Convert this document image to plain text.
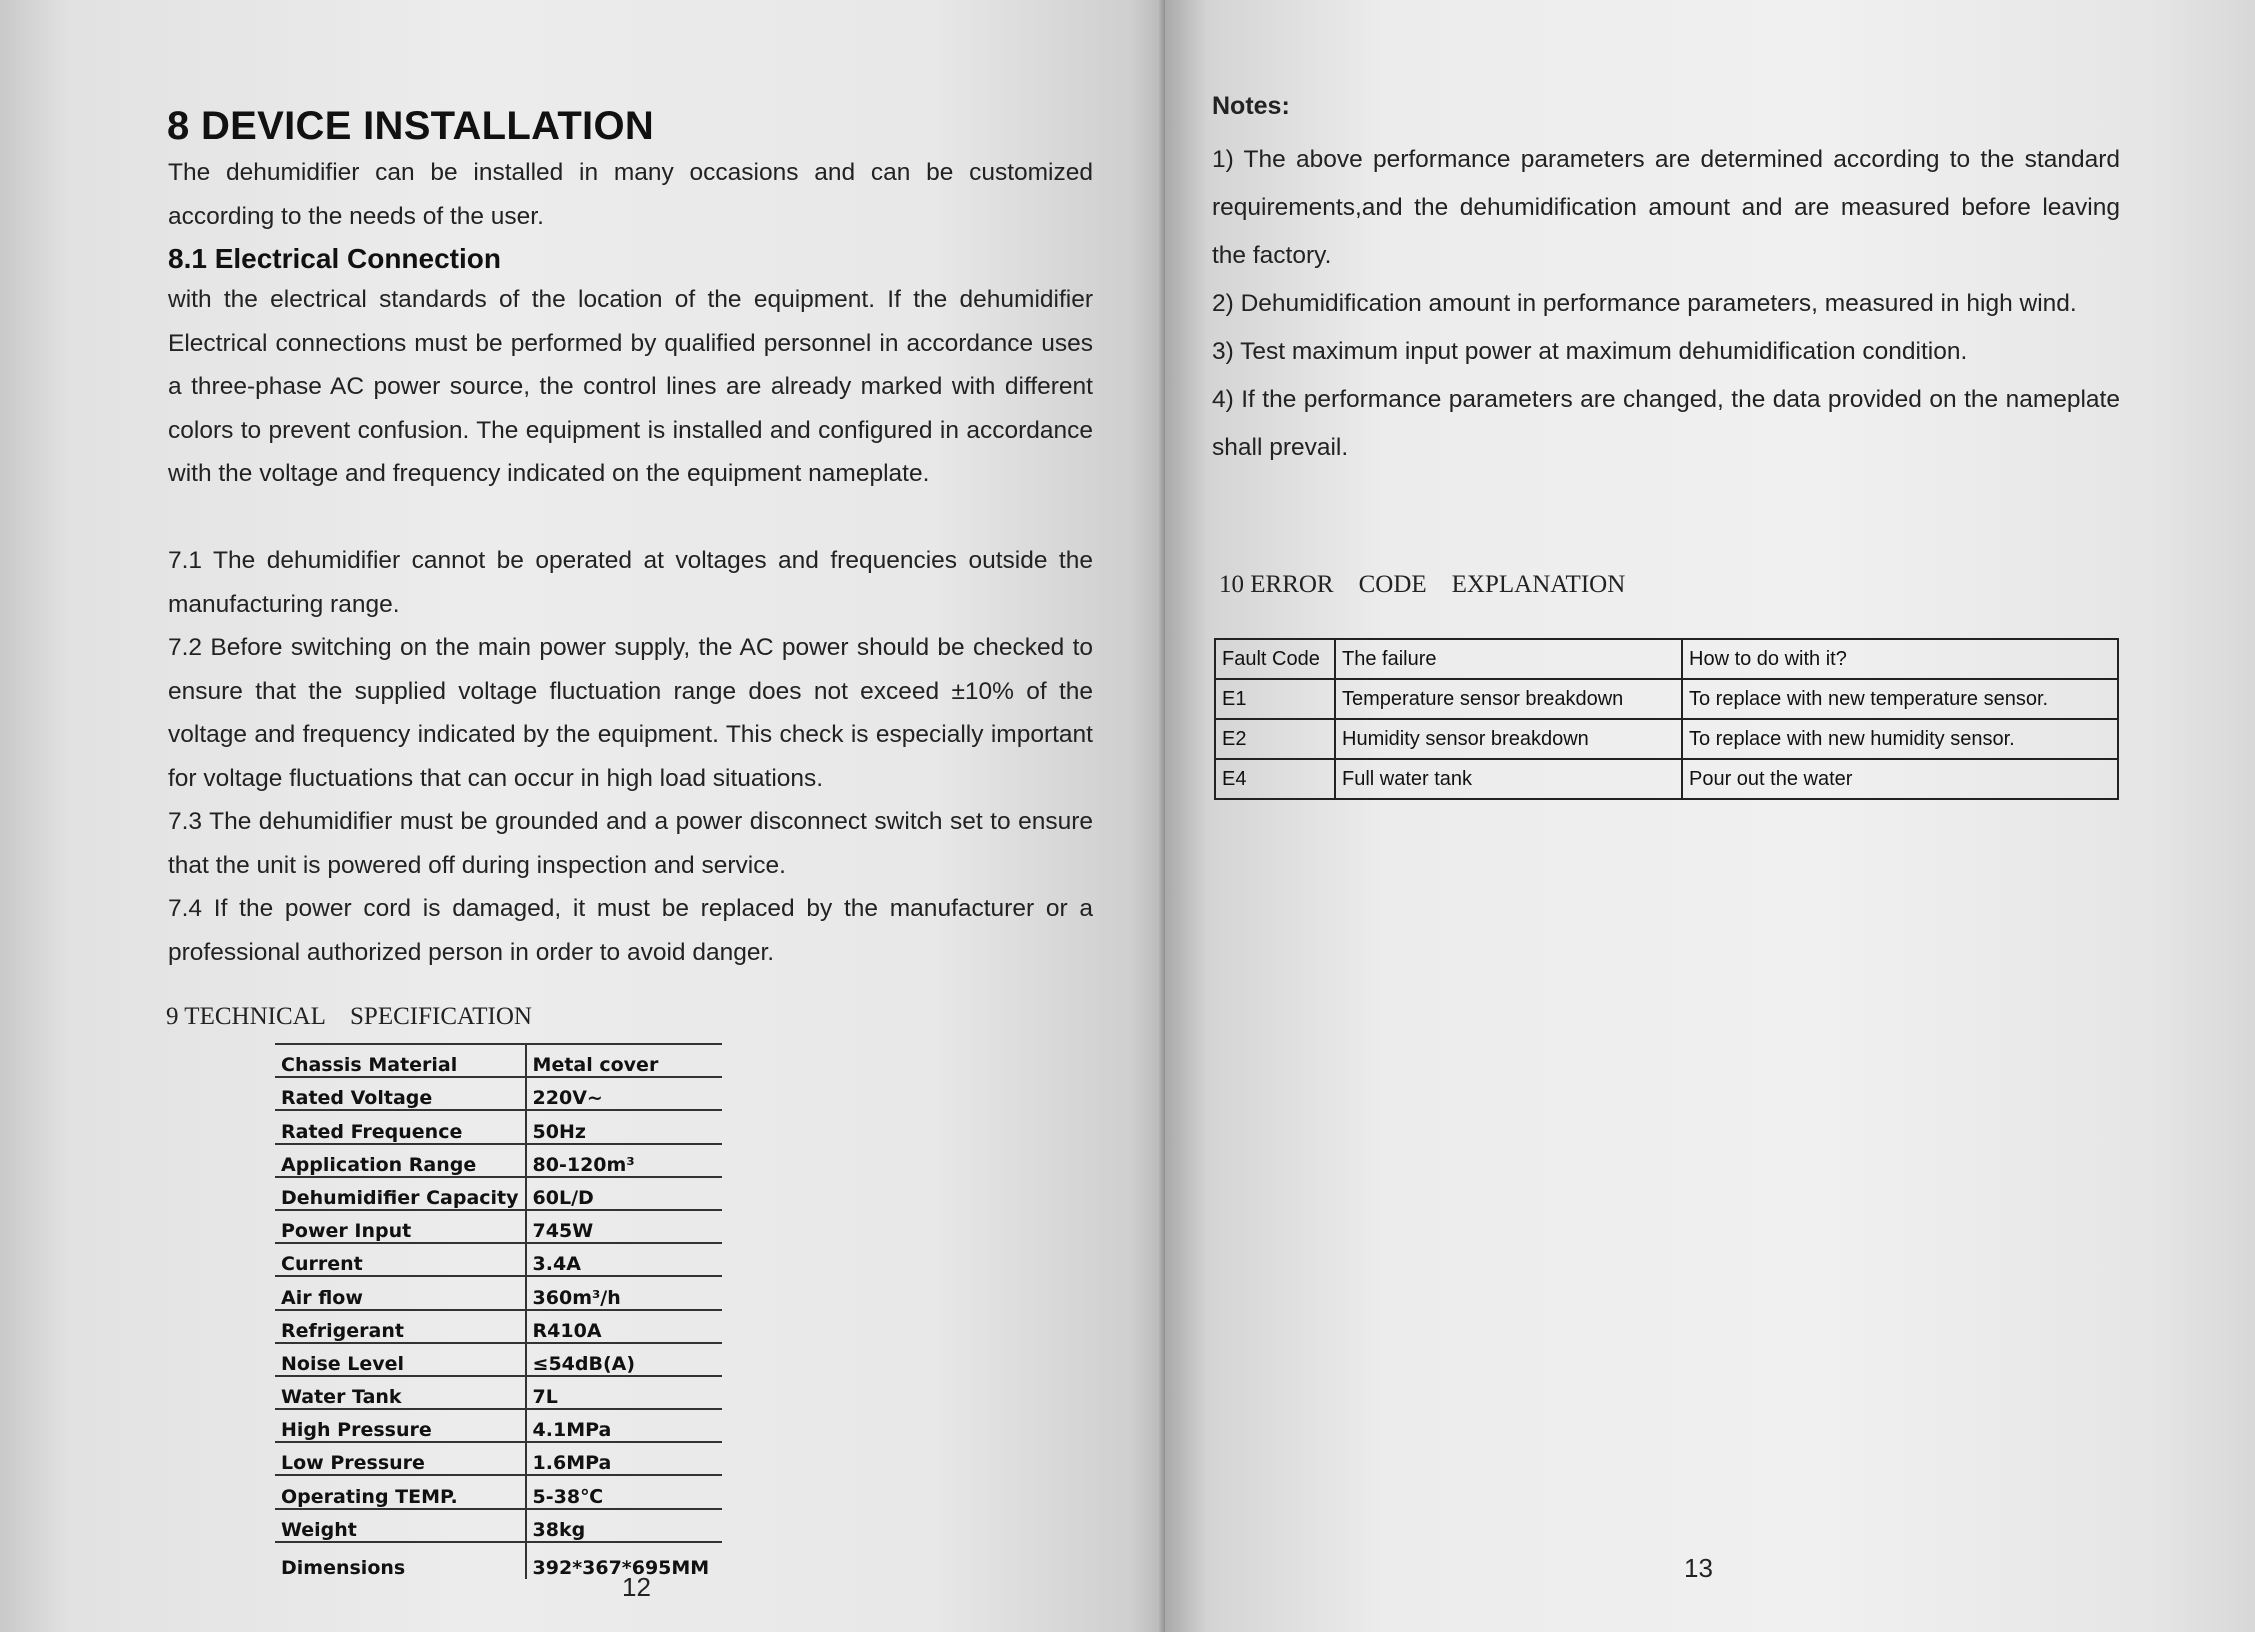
8 DEVICE INSTALLATION
The dehumidifier can be installed in many occasions and can be customized according to the needs of the user.
8.1 Electrical Connection
with the electrical standards of the location of the equipment. If the dehumidifier Electrical connections must be performed by qualified personnel in accordance uses a three-phase AC power source, the control lines are already marked with different colors to prevent confusion. The equipment is installed and configured in accordance with the voltage and frequency indicated on the equipment nameplate.
7.1 The dehumidifier cannot be operated at voltages and frequencies outside the manufacturing range.
7.2 Before switching on the main power supply, the AC power should be checked to ensure that the supplied voltage fluctuation range does not exceed ±10% of the voltage and frequency indicated by the equipment. This check is especially important for voltage fluctuations that can occur in high load situations.
7.3 The dehumidifier must be grounded and a power disconnect switch set to ensure that the unit is powered off during inspection and service.
7.4 If the power cord is damaged, it must be replaced by the manufacturer or a professional authorized person in order to avoid danger.
9 TECHNICAL    SPECIFICATION
Chassis Material	Metal cover
Rated Voltage	220V~
Rated Frequence	50Hz
Application Range	80-120m³
Dehumidifier Capacity	60L/D
Power Input	745W
Current	3.4A
Air flow	360m³/h
Refrigerant	R410A
Noise Level	≤54dB(A)
Water Tank	7L
High Pressure	4.1MPa
Low Pressure	1.6MPa
Operating TEMP.	5-38℃
Weight	38kg
Dimensions	392*367*695MM
12
Notes:

1) The above performance parameters are determined according to the standard requirements,and the dehumidification amount and are measured before leaving the factory.

2) Dehumidification amount in performance parameters, measured in high wind.

3) Test maximum input power at maximum dehumidification condition.

4) If the performance parameters are changed, the data provided on the nameplate shall prevail.

10 ERROR    CODE    EXPLANATION
Fault Code	The failure	How to do with it?
E1	Temperature sensor breakdown	To replace with new temperature sensor.
E2	Humidity sensor breakdown	To replace with new humidity sensor.
E4	Full water tank	Pour out the water
13
